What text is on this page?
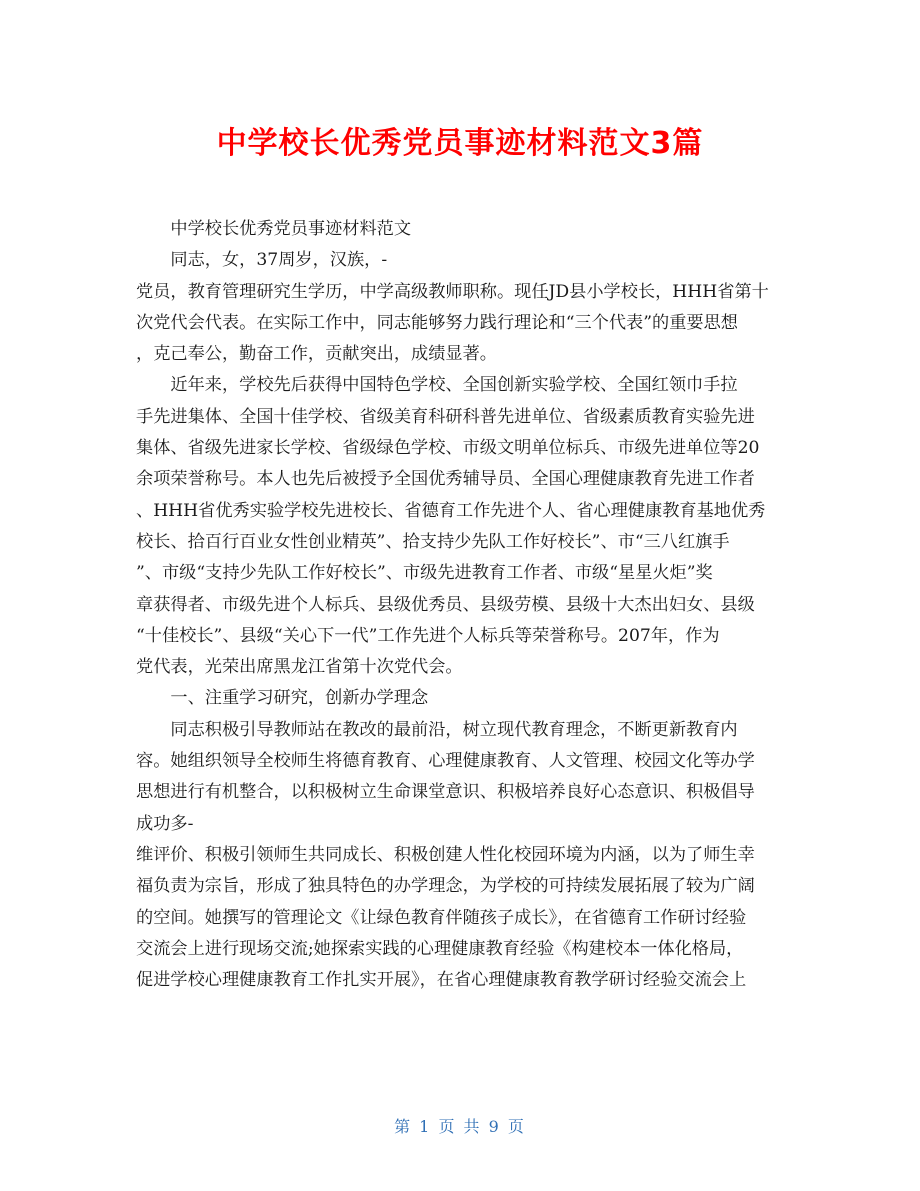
中学校长优秀党员事迹材料范文3篇

中学校长优秀党员事迹材料范文

同志，女，37周岁，汉族，-

党员，教育管理研究生学历，中学高级教师职称。现任JD县小学校长，HHH省第十
次党代会代表。在实际工作中，同志能够努力践行理论和“三个代表”的重要思想
，克己奉公，勤奋工作，贡献突出，成绩显著。

近年来，学校先后获得中国特色学校、全国创新实验学校、全国红领巾手拉
手先进集体、全国十佳学校、省级美育科研科普先进单位、省级素质教育实验先进
集体、省级先进家长学校、省级绿色学校、市级文明单位标兵、市级先进单位等20
余项荣誉称号。本人也先后被授予全国优秀辅导员、全国心理健康教育先进工作者
、HHH省优秀实验学校先进校长、省德育工作先进个人、省心理健康教育基地优秀
校长、拾百行百业女性创业精英”、拾支持少先队工作好校长”、市“三八红旗手
”、市级“支持少先队工作好校长”、市级先进教育工作者、市级“星星火炬”奖
章获得者、市级先进个人标兵、县级优秀员、县级劳模、县级十大杰出妇女、县级
“十佳校长”、县级“关心下一代”工作先进个人标兵等荣誉称号。207年，作为
党代表，光荣出席黑龙江省第十次党代会。

一、注重学习研究，创新办学理念

同志积极引导教师站在教改的最前沿，树立现代教育理念，不断更新教育内
容。她组织领导全校师生将德育教育、心理健康教育、人文管理、校园文化等办学
思想进行有机整合，以积极树立生命课堂意识、积极培养良好心态意识、积极倡导
成功多-

维评价、积极引领师生共同成长、积极创建人性化校园环境为内涵，以为了师生幸
福负责为宗旨，形成了独具特色的办学理念，为学校的可持续发展拓展了较为广阔
的空间。她撰写的管理论文《让绿色教育伴随孩子成长》，在省德育工作研讨经验
交流会上进行现场交流;她探索实践的心理健康教育经验《构建校本一体化格局，
促进学校心理健康教育工作扎实开展》，在省心理健康教育教学研讨经验交流会上

第 1 页 共 9 页
